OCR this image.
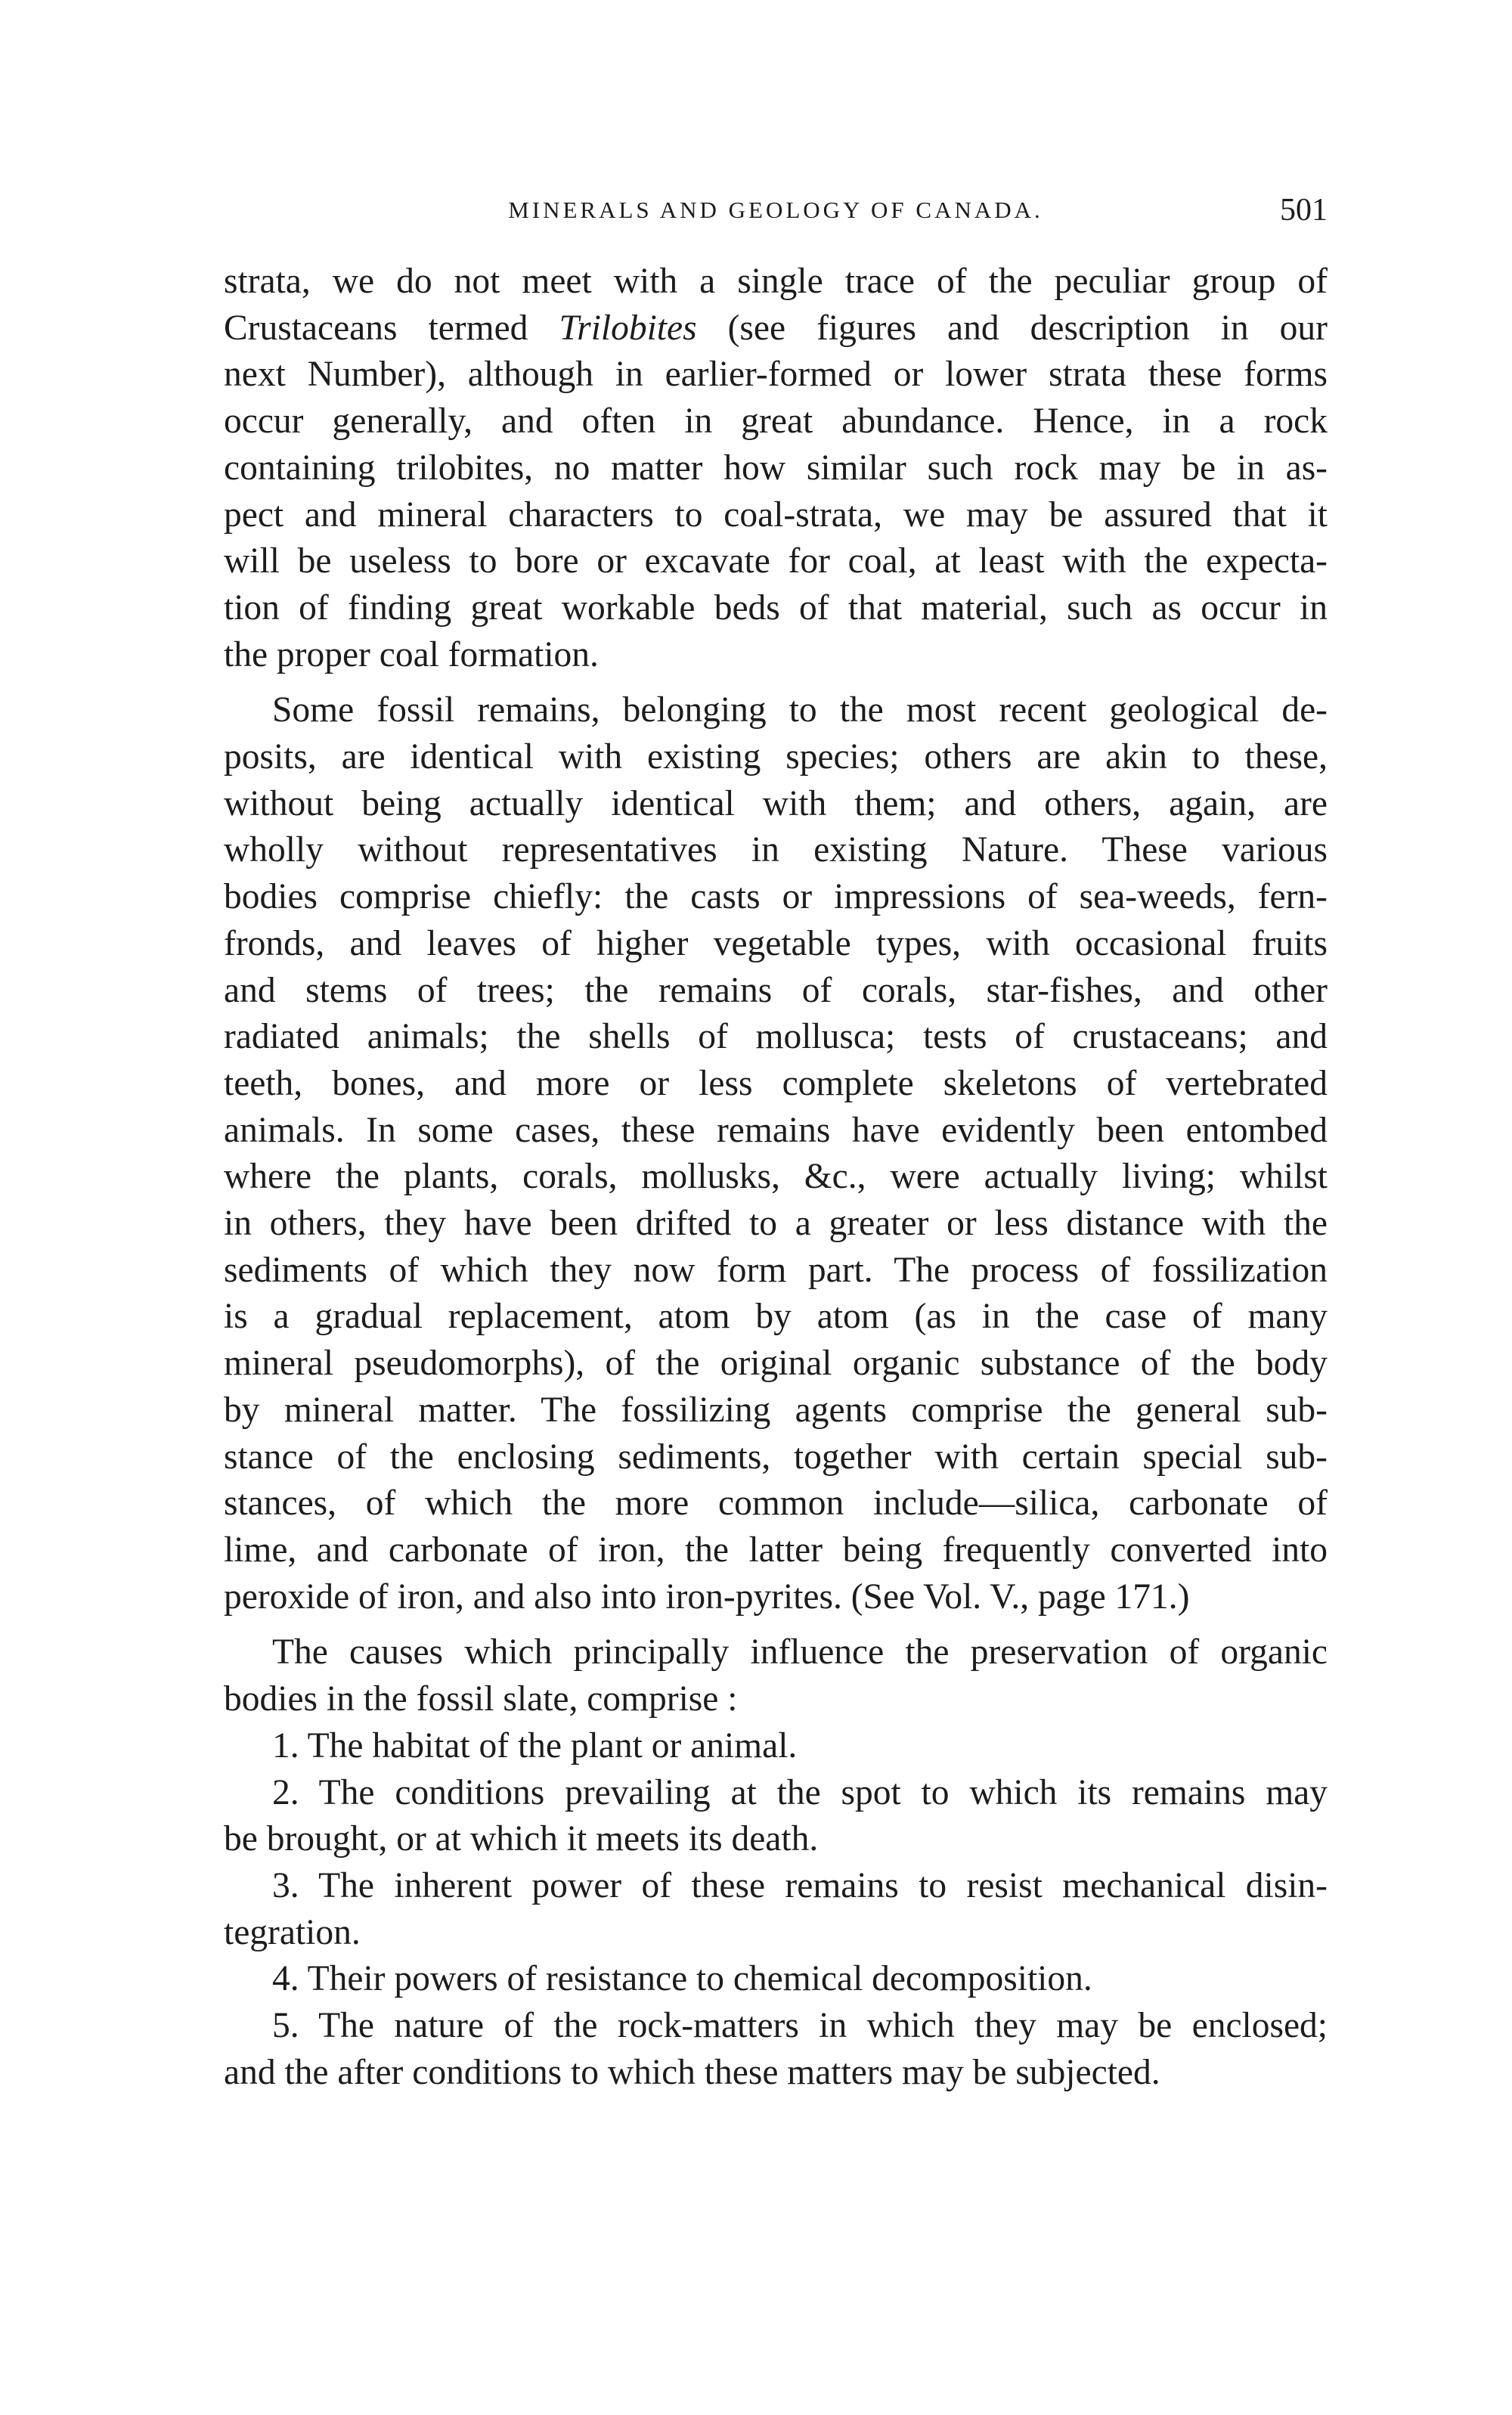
MINERALS AND GEOLOGY OF CANADA.	501

strata, we do not meet with a single trace of the peculiar group of
Crustaceans termed Trilobites (see figures and description in our
next Number), although in earlier-formed or lower strata these forms
occur generally, and often in great abundance. Hence, in a rock
containing trilobites, no matter how similar such rock may be in as-
pect and mineral characters to coal-strata, we may be assured that it
will be useless to bore or excavate for coal, at least with the expecta-
tion of finding great workable beds of that material, such as occur in
the proper coal formation.

Some fossil remains, belonging to the most recent geological de-
posits, are identical with existing species; others are akin to these,
without being actually identical with them; and others, again, are
wholly without representatives in existing Nature. These various
bodies comprise chiefly: the casts or impressions of sea-weeds, fern-
fronds, and leaves of higher vegetable types, with occasional fruits
and stems of trees; the remains of corals, star-fishes, and other
radiated animals; the shells of mollusca; tests of crustaceans; and
teeth, bones, and more or less complete skeletons of vertebrated
animals. In some cases, these remains have evidently been entombed
where the plants, corals, mollusks, &c., were actually living; whilst
in others, they have been drifted to a greater or less distance with the
sediments of which they now form part. The process of fossilization
is a gradual replacement, atom by atom (as in the case of many
mineral pseudomorphs), of the original organic substance of the body
by mineral matter. The fossilizing agents comprise the general sub-
stance of the enclosing sediments, together with certain special sub-
stances, of which the more common include—silica, carbonate of
lime, and carbonate of iron, the latter being frequently converted into
peroxide of iron, and also into iron-pyrites. (See Vol. V., page 171.)

The causes which principally influence the preservation of organic
bodies in the fossil slate, comprise :

1. The habitat of the plant or animal.

2. The conditions prevailing at the spot to which its remains may
be brought, or at which it meets its death.

3. The inherent power of these remains to resist mechanical disin-
tegration.

4. Their powers of resistance to chemical decomposition.

5. The nature of the rock-matters in which they may be enclosed;
and the after conditions to which these matters may be subjected.
